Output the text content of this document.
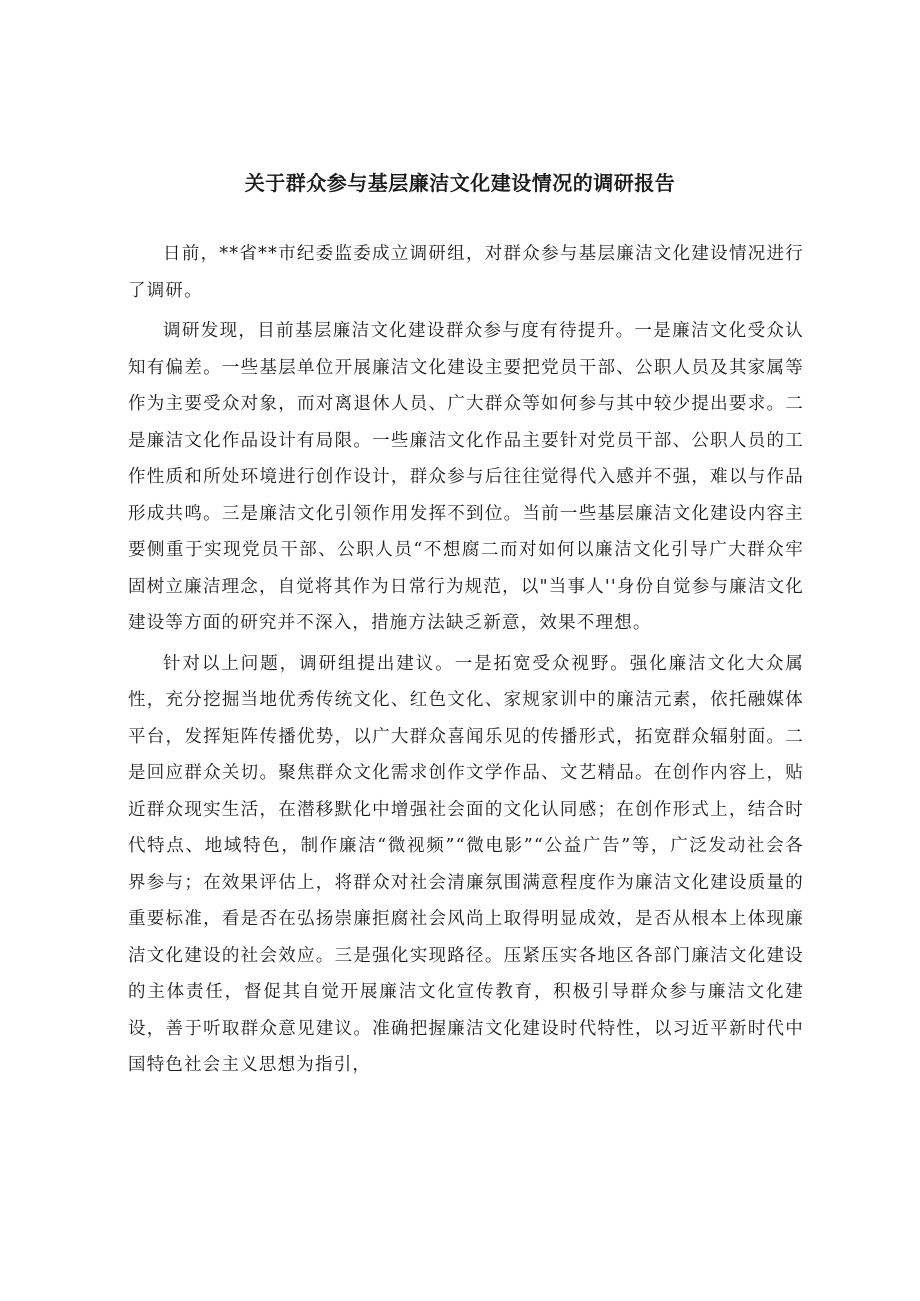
关于群众参与基层廉洁文化建设情况的调研报告

日前，**省**市纪委监委成立调研组，对群众参与基层廉洁文化建设情况进行了调研。

调研发现，目前基层廉洁文化建设群众参与度有待提升。一是廉洁文化受众认知有偏差。一些基层单位开展廉洁文化建设主要把党员干部、公职人员及其家属等作为主要受众对象，而对离退休人员、广大群众等如何参与其中较少提出要求。二是廉洁文化作品设计有局限。一些廉洁文化作品主要针对党员干部、公职人员的工作性质和所处环境进行创作设计，群众参与后往往觉得代入感并不强，难以与作品形成共鸣。三是廉洁文化引领作用发挥不到位。当前一些基层廉洁文化建设内容主要侧重于实现党员干部、公职人员“不想腐二而对如何以廉洁文化引导广大群众牢固树立廉洁理念，自觉将其作为日常行为规范，以"当事人''身份自觉参与廉洁文化建设等方面的研究并不深入，措施方法缺乏新意，效果不理想。

针对以上问题，调研组提出建议。一是拓宽受众视野。强化廉洁文化大众属性，充分挖掘当地优秀传统文化、红色文化、家规家训中的廉洁元素，依托融媒体平台，发挥矩阵传播优势，以广大群众喜闻乐见的传播形式，拓宽群众辐射面。二是回应群众关切。聚焦群众文化需求创作文学作品、文艺精品。在创作内容上，贴近群众现实生活，在潜移默化中增强社会面的文化认同感；在创作形式上，结合时代特点、地域特色，制作廉洁“微视频”“微电影”“公益广告”等，广泛发动社会各界参与；在效果评估上，将群众对社会清廉氛围满意程度作为廉洁文化建设质量的重要标准，看是否在弘扬崇廉拒腐社会风尚上取得明显成效，是否从根本上体现廉洁文化建设的社会效应。三是强化实现路径。压紧压实各地区各部门廉洁文化建设的主体责任，督促其自觉开展廉洁文化宣传教育，积极引导群众参与廉洁文化建设，善于听取群众意见建议。准确把握廉洁文化建设时代特性，以习近平新时代中国特色社会主义思想为指引，
